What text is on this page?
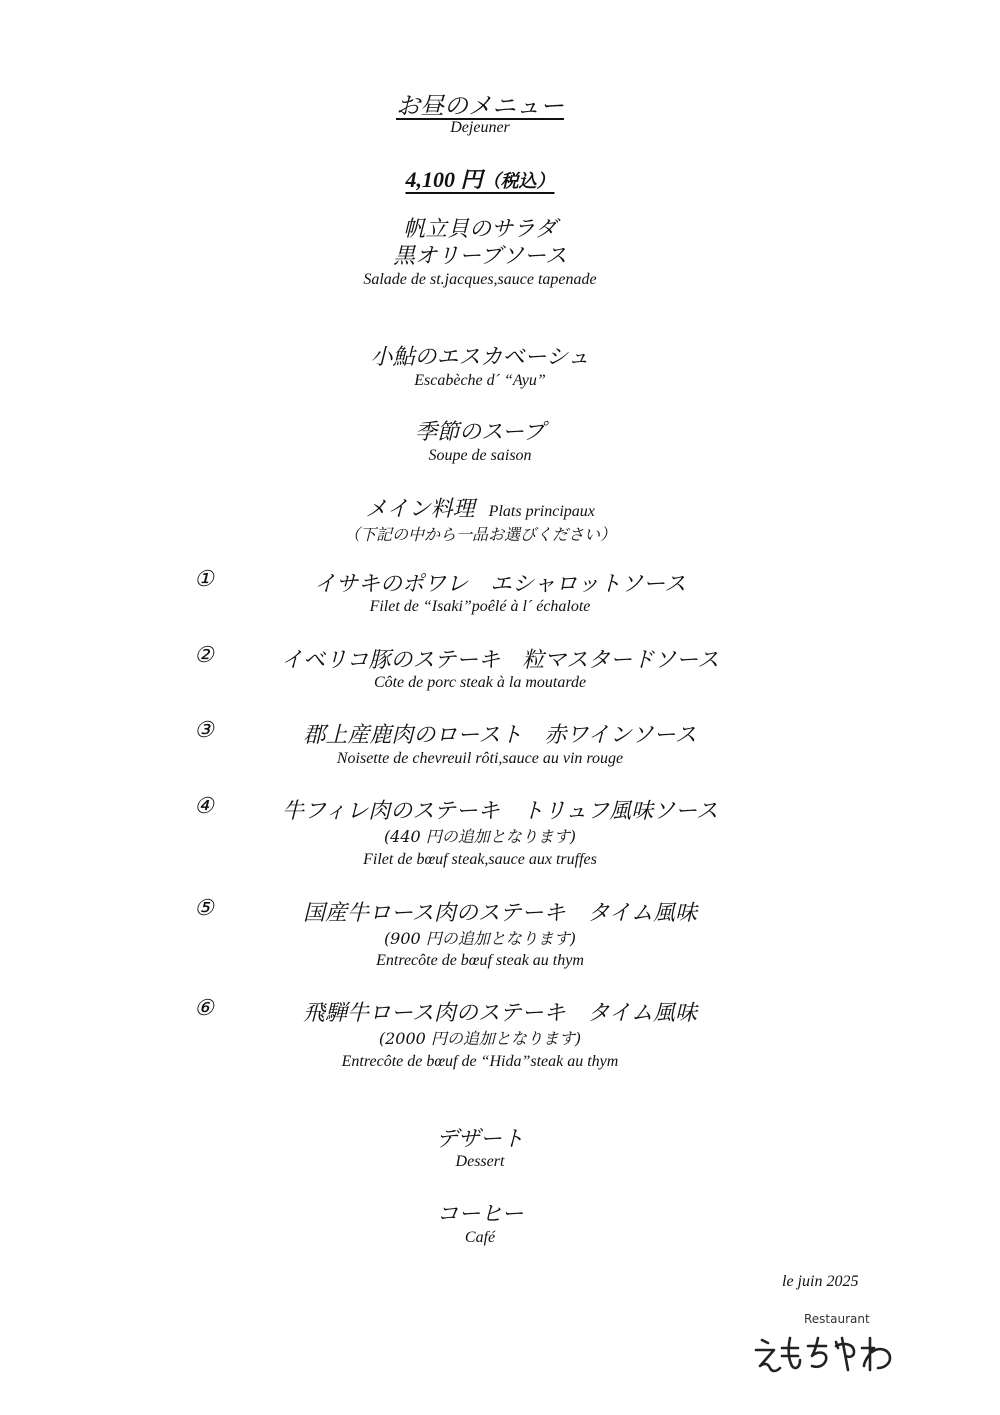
お昼のメニュー
Dejeuner
4,100 円（税込）
帆立貝のサラダ
黒オリーブソース
Salade de st.jacques,sauce tapenade
小鮎のエスカベーシュ
Escabèche d´ “Ayu”
季節のスープ
Soupe de saison
メイン料理 Plats principaux
（下記の中から一品お選びください）
①	イサキのポワレ　エシャロットソース
Filet de “Isaki”poêlé à l´ échalote
②	イベリコ豚のステーキ　粒マスタードソース
Côte de porc steak à la moutarde
③	郡上産鹿肉のロースト　赤ワインソース
Noisette de chevreuil rôti,sauce au vin rouge
④	牛フィレ肉のステーキ　トリュフ風味ソース
(440 円の追加となります)
Filet de bœuf steak,sauce aux truffes
⑤	国産牛ロース肉のステーキ　タイム風味
(900 円の追加となります)
Entrecôte de bœuf steak au thym
⑥	飛騨牛ロース肉のステーキ　タイム風味
(2000 円の追加となります)
Entrecôte de bœuf de “Hida”steak au thym
デザート
Dessert
コーヒー
Café
le juin 2025
Restaurant
